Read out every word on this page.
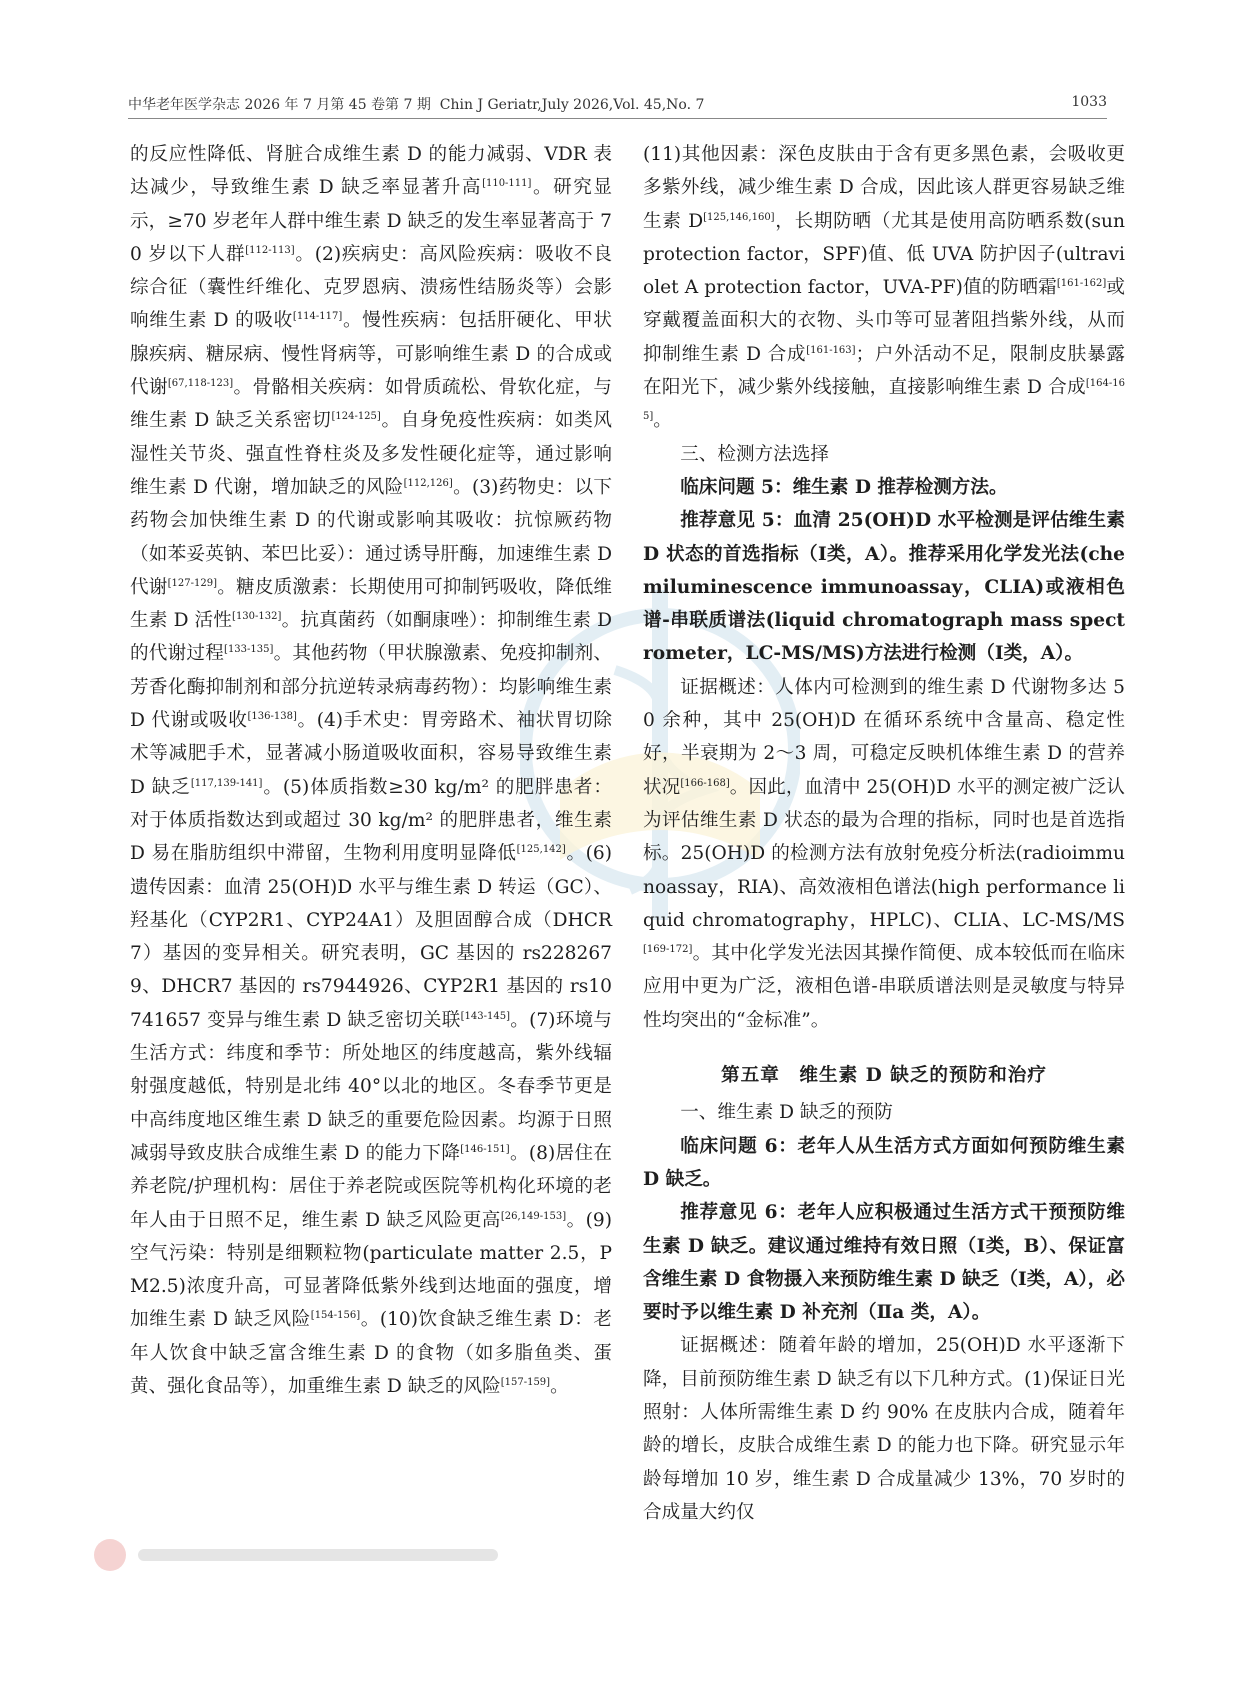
中华老年医学杂志 2026 年 7 月第 45 卷第 7 期 Chin J Geriatr,July 2026,Vol. 45,No. 7	1033

的反应性降低、肾脏合成维生素 D 的能力减弱、VDR 表达减少，导致维生素 D 缺乏率显著升高[110-111]。研究显示，≥70 岁老年人群中维生素 D 缺乏的发生率显著高于 70 岁以下人群[112-113]。(2)疾病史：高风险疾病：吸收不良综合征（囊性纤维化、克罗恩病、溃疡性结肠炎等）会影响维生素 D 的吸收[114-117]。慢性疾病：包括肝硬化、甲状腺疾病、糖尿病、慢性肾病等，可影响维生素 D 的合成或代谢[67,118-123]。骨骼相关疾病：如骨质疏松、骨软化症，与维生素 D 缺乏关系密切[124-125]。自身免疫性疾病：如类风湿性关节炎、强直性脊柱炎及多发性硬化症等，通过影响维生素 D 代谢，增加缺乏的风险[112,126]。(3)药物史：以下药物会加快维生素 D 的代谢或影响其吸收：抗惊厥药物（如苯妥英钠、苯巴比妥）：通过诱导肝酶，加速维生素 D 代谢[127-129]。糖皮质激素：长期使用可抑制钙吸收，降低维生素 D 活性[130-132]。抗真菌药（如酮康唑）：抑制维生素 D 的代谢过程[133-135]。其他药物（甲状腺激素、免疫抑制剂、芳香化酶抑制剂和部分抗逆转录病毒药物）：均影响维生素 D 代谢或吸收[136-138]。(4)手术史：胃旁路术、袖状胃切除术等减肥手术，显著减小肠道吸收面积，容易导致维生素 D 缺乏[117,139-141]。(5)体质指数≥30 kg/m² 的肥胖患者：对于体质指数达到或超过 30 kg/m² 的肥胖患者，维生素 D 易在脂肪组织中滞留，生物利用度明显降低[125,142]。(6)遗传因素：血清 25(OH)D 水平与维生素 D 转运（GC）、羟基化（CYP2R1、CYP24A1）及胆固醇合成（DHCR7）基因的变异相关。研究表明，GC 基因的 rs2282679、DHCR7 基因的 rs7944926、CYP2R1 基因的 rs10741657 变异与维生素 D 缺乏密切关联[143-145]。(7)环境与生活方式：纬度和季节：所处地区的纬度越高，紫外线辐射强度越低，特别是北纬 40°以北的地区。冬春季节更是中高纬度地区维生素 D 缺乏的重要危险因素。均源于日照减弱导致皮肤合成维生素 D 的能力下降[146-151]。(8)居住在养老院/护理机构：居住于养老院或医院等机构化环境的老年人由于日照不足，维生素 D 缺乏风险更高[26,149-153]。(9)空气污染：特别是细颗粒物(particulate matter 2.5，PM2.5)浓度升高，可显著降低紫外线到达地面的强度，增加维生素 D 缺乏风险[154-156]。(10)饮食缺乏维生素 D：老年人饮食中缺乏富含维生素 D 的食物（如多脂鱼类、蛋黄、强化食品等），加重维生素 D 缺乏的风险[157-159]。

(11)其他因素：深色皮肤由于含有更多黑色素，会吸收更多紫外线，减少维生素 D 合成，因此该人群更容易缺乏维生素 D[125,146,160]，长期防晒（尤其是使用高防晒系数(sun protection factor，SPF)值、低 UVA 防护因子(ultraviolet A protection factor，UVA-PF)值的防晒霜[161-162]或穿戴覆盖面积大的衣物、头巾等可显著阻挡紫外线，从而抑制维生素 D 合成[161-163]；户外活动不足，限制皮肤暴露在阳光下，减少紫外线接触，直接影响维生素 D 合成[164-165]。

三、检测方法选择

临床问题 5：维生素 D 推荐检测方法。

推荐意见 5：血清 25(OH)D 水平检测是评估维生素 D 状态的首选指标（Ⅰ类，A）。推荐采用化学发光法(chemiluminescence immunoassay，CLIA)或液相色谱-串联质谱法(liquid chromatograph mass spectrometer，LC-MS/MS)方法进行检测（Ⅰ类，A）。

证据概述：人体内可检测到的维生素 D 代谢物多达 50 余种，其中 25(OH)D 在循环系统中含量高、稳定性好，半衰期为 2～3 周，可稳定反映机体维生素 D 的营养状况[166-168]。因此，血清中 25(OH)D 水平的测定被广泛认为评估维生素 D 状态的最为合理的指标，同时也是首选指标。25(OH)D 的检测方法有放射免疫分析法(radioimmunoassay，RIA)、高效液相色谱法(high performance liquid chromatography，HPLC)、CLIA、LC-MS/MS[169-172]。其中化学发光法因其操作简便、成本较低而在临床应用中更为广泛，液相色谱-串联质谱法则是灵敏度与特异性均突出的“金标准”。

第五章　维生素 D 缺乏的预防和治疗

一、维生素 D 缺乏的预防

临床问题 6：老年人从生活方式方面如何预防维生素 D 缺乏。

推荐意见 6：老年人应积极通过生活方式干预预防维生素 D 缺乏。建议通过维持有效日照（Ⅰ类，B）、保证富含维生素 D 食物摄入来预防维生素 D 缺乏（Ⅰ类，A），必要时予以维生素 D 补充剂（Ⅱa 类，A）。

证据概述：随着年龄的增加，25(OH)D 水平逐渐下降，目前预防维生素 D 缺乏有以下几种方式。(1)保证日光照射：人体所需维生素 D 约 90% 在皮肤内合成，随着年龄的增长，皮肤合成维生素 D 的能力也下降。研究显示年龄每增加 10 岁，维生素 D 合成量减少 13%，70 岁时的合成量大约仅
